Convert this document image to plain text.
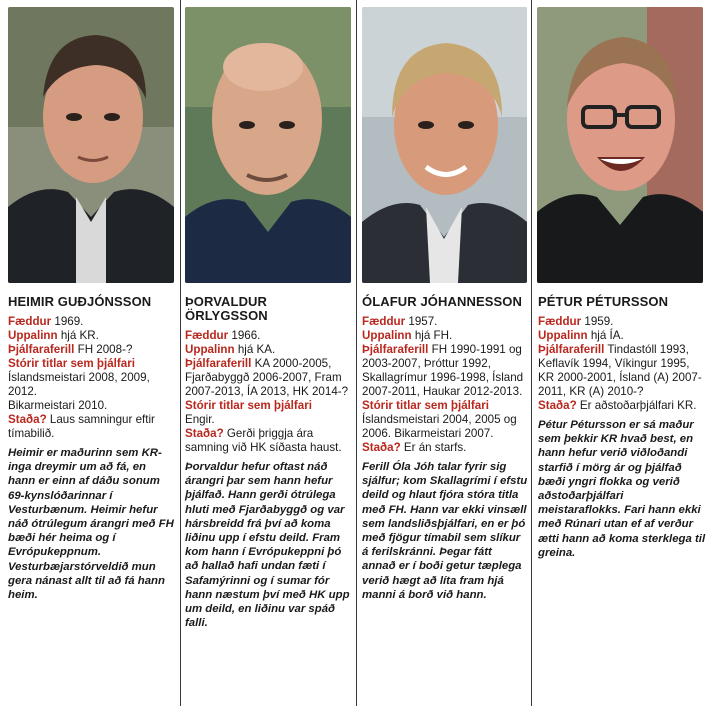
HEIMIR GUÐJÓNSSON
Fæddur 1969.
Uppalinn hjá KR.
Þjálfaraferill FH 2008-?
Stórir titlar sem þjálfari
Íslandsmeistari 2008, 2009, 2012.
Bikarmeistari 2010.
Staða? Laus samningur eftir tímabilið.
Heimir er maðurinn sem KR-inga dreymir um að fá, en hann er einn af dáðu sonum 69-kynslóðarinnar í Vesturbænum. Heimir hefur náð ótrúlegum árangri með FH bæði hér heima og í Evrópukeppnum. Vesturbæjarstórveldið mun gera nánast allt til að fá hann heim.
ÞORVALDUR ÖRLYGSSON
Fæddur 1966.
Uppalinn hjá KA.
Þjálfaraferill KA 2000-2005, Fjarðabyggð 2006-2007, Fram 2007-2013, ÍA 2013, HK 2014-?
Stórir titlar sem þjálfari
Engir.
Staða? Gerði þriggja ára samning við HK síðasta haust.
Þorvaldur hefur oftast náð árangri þar sem hann hefur þjálfað. Hann gerði ótrúlega hluti með Fjarðabyggð og var hársbreidd frá því að koma liðinu upp í efstu deild. Fram kom hann í Evrópukeppni þó að hallað hafi undan fæti í Safamýrinni og í sumar fór hann næstum því með HK upp um deild, en liðinu var spáð falli.
ÓLAFUR JÓHANNESSON
Fæddur 1957.
Uppalinn hjá FH.
Þjálfaraferill FH 1990-1991 og 2003-2007, Þróttur 1992, Skallagrímur 1996-1998, Ísland 2007-2011, Haukar 2012-2013.
Stórir titlar sem þjálfari Íslandsmeistari 2004, 2005 og 2006. Bikarmeistari 2007.
Staða? Er án starfs.
Ferill Óla Jóh talar fyrir sig sjálfur; kom Skallagrími í efstu deild og hlaut fjóra stóra titla með FH. Hann var ekki vinsæll sem landsliðsþjálfari, en er þó með fjögur tímabil sem slíkur á ferilskránni. Þegar fátt annað er í boði getur tæplega verið hægt að líta fram hjá manni á borð við hann.
PÉTUR PÉTURSSON
Fæddur 1959.
Uppalinn hjá ÍA.
Þjálfaraferill Tindastóll 1993, Keflavík 1994, Víkingur 1995, KR 2000-2001, Ísland (A) 2007-2011, KR (A) 2010-?
Staða? Er aðstoðarþjálfari KR.
Pétur Pétursson er sá maður sem þekkir KR hvað best, en hann hefur verið viðloðandi starfið í mörg ár og þjálfað bæði yngri flokka og verið aðstoðarþjálfari meistaraflokks. Fari hann ekki með Rúnari utan ef af verður ætti hann að koma sterklega til greina.
